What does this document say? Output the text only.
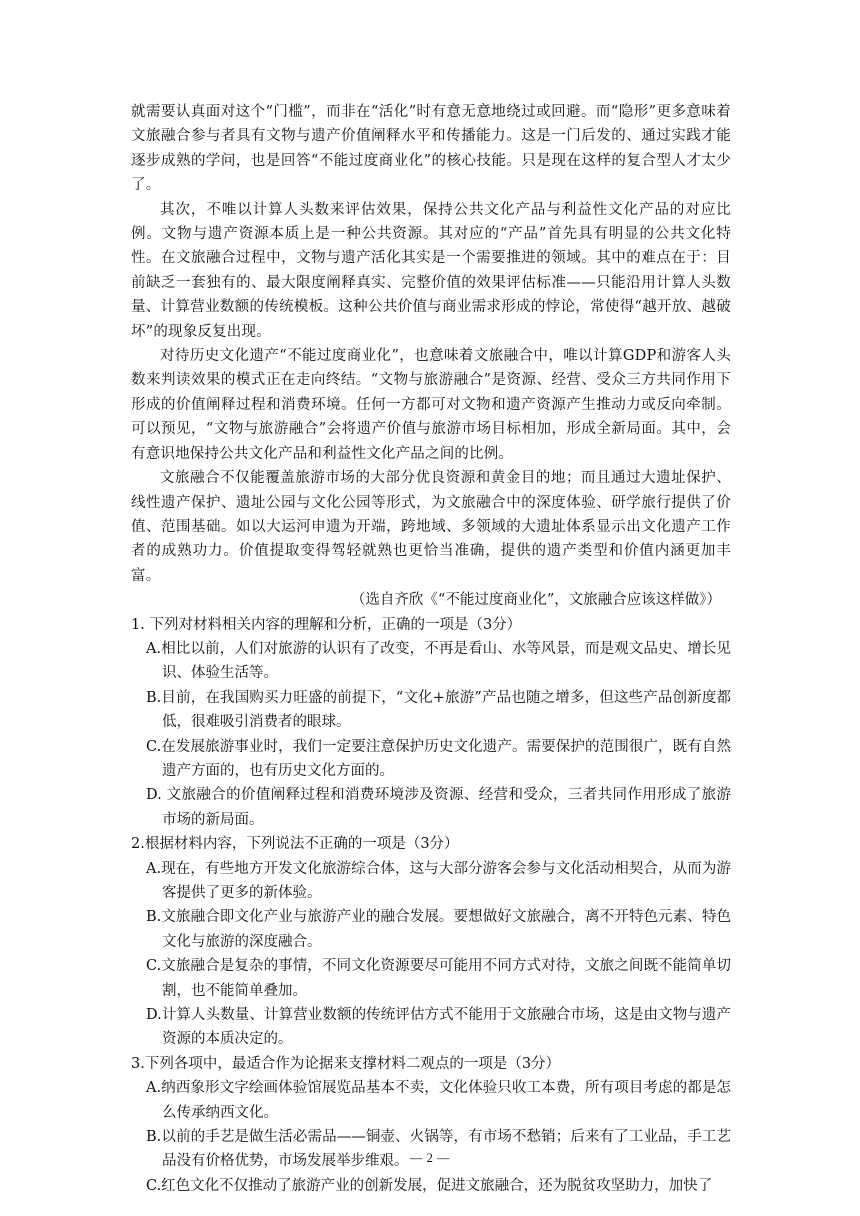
就需要认真面对这个“门槛”，而非在“活化”时有意无意地绕过或回避。而“隐形”更多意味着文旅融合参与者具有文物与遗产价值阐释水平和传播能力。这是一门后发的、通过实践才能逐步成熟的学问，也是回答“不能过度商业化”的核心技能。只是现在这样的复合型人才太少了。

其次，不唯以计算人头数来评估效果，保持公共文化产品与利益性文化产品的对应比例。文物与遗产资源本质上是一种公共资源。其对应的“产品”首先具有明显的公共文化特性。在文旅融合过程中，文物与遗产活化其实是一个需要推进的领域。其中的难点在于：目前缺乏一套独有的、最大限度阐释真实、完整价值的效果评估标准——只能沿用计算人头数量、计算营业数额的传统模板。这种公共价值与商业需求形成的悖论，常使得“越开放、越破坏”的现象反复出现。

对待历史文化遗产“不能过度商业化”，也意味着文旅融合中，唯以计算GDP和游客人头数来判读效果的模式正在走向终结。“文物与旅游融合”是资源、经营、受众三方共同作用下形成的价值阐释过程和消费环境。任何一方都可对文物和遗产资源产生推动力或反向牵制。可以预见，“文物与旅游融合”会将遗产价值与旅游市场目标相加，形成全新局面。其中，会有意识地保持公共文化产品和利益性文化产品之间的比例。

文旅融合不仅能覆盖旅游市场的大部分优良资源和黄金目的地；而且通过大遗址保护、线性遗产保护、遗址公园与文化公园等形式，为文旅融合中的深度体验、研学旅行提供了价值、范围基础。如以大运河申遗为开端，跨地域、多领域的大遗址体系显示出文化遗产工作者的成熟功力。价值提取变得驾轻就熟也更恰当准确，提供的遗产类型和价值内涵更加丰富。

（选自齐欣《“不能过度商业化”，文旅融合应该这样做》）

1. 下列对材料相关内容的理解和分析，正确的一项是（3分）

A.相比以前，人们对旅游的认识有了改变，不再是看山、水等风景，而是观文品史、增长见识、体验生活等。

B.目前，在我国购买力旺盛的前提下，“文化+旅游”产品也随之增多，但这些产品创新度都低，很难吸引消费者的眼球。

C.在发展旅游事业时，我们一定要注意保护历史文化遗产。需要保护的范围很广，既有自然遗产方面的，也有历史文化方面的。

D. 文旅融合的价值阐释过程和消费环境涉及资源、经营和受众，三者共同作用形成了旅游市场的新局面。

2.根据材料内容，下列说法不正确的一项是（3分）

A.现在，有些地方开发文化旅游综合体，这与大部分游客会参与文化活动相契合，从而为游客提供了更多的新体验。

B.文旅融合即文化产业与旅游产业的融合发展。要想做好文旅融合，离不开特色元素、特色文化与旅游的深度融合。

C.文旅融合是复杂的事情，不同文化资源要尽可能用不同方式对待，文旅之间既不能简单切割，也不能简单叠加。

D.计算人头数量、计算营业数额的传统评估方式不能用于文旅融合市场，这是由文物与遗产资源的本质决定的。

3.下列各项中，最适合作为论据来支撑材料二观点的一项是（3分）

A.纳西象形文字绘画体验馆展览品基本不卖，文化体验只收工本费，所有项目考虑的都是怎么传承纳西文化。

B.以前的手艺是做生活必需品——铜壶、火锅等，有市场不愁销；后来有了工业品，手工艺品没有价格优势，市场发展举步维艰。

C.红色文化不仅推动了旅游产业的创新发展，促进文旅融合，还为脱贫攻坚助力，加快了

— 2 —
